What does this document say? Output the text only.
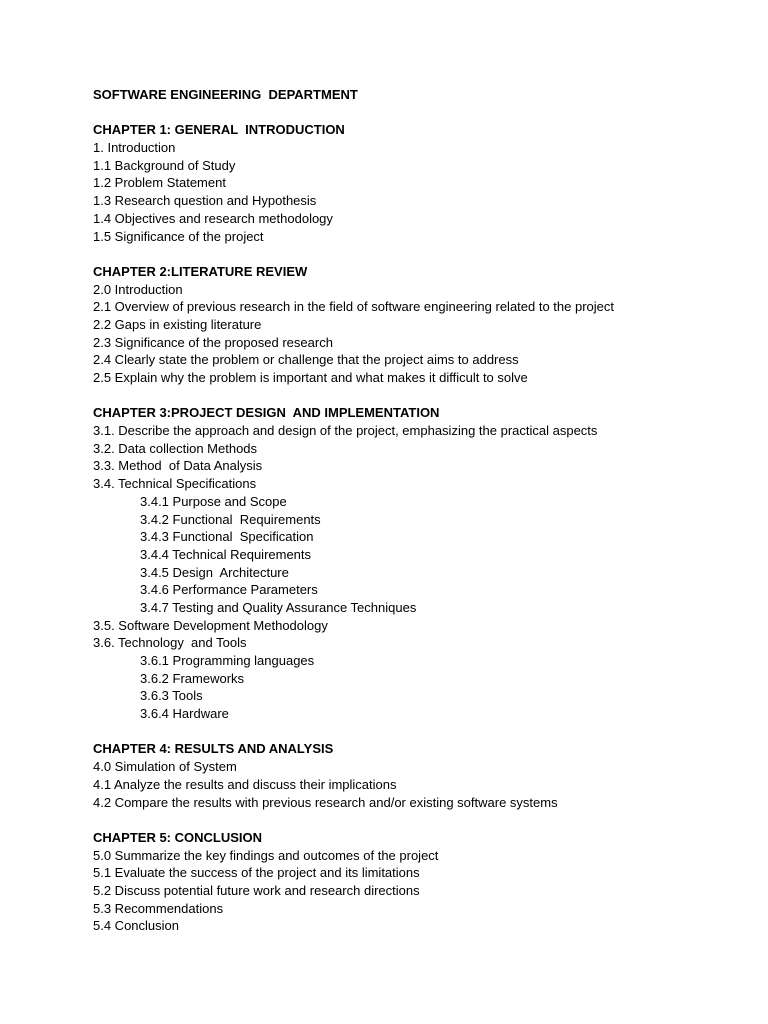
SOFTWARE ENGINEERING  DEPARTMENT
CHAPTER 1: GENERAL  INTRODUCTION
1. Introduction
1.1 Background of Study
1.2 Problem Statement
1.3 Research question and Hypothesis
1.4 Objectives and research methodology
1.5 Significance of the project
CHAPTER 2:LITERATURE REVIEW
2.0 Introduction
2.1 Overview of previous research in the field of software engineering related to the project
2.2 Gaps in existing literature
2.3 Significance of the proposed research
2.4 Clearly state the problem or challenge that the project aims to address
2.5 Explain why the problem is important and what makes it difficult to solve
CHAPTER 3:PROJECT DESIGN  AND IMPLEMENTATION
3.1. Describe the approach and design of the project, emphasizing the practical aspects
3.2. Data collection Methods
3.3. Method  of Data Analysis
3.4. Technical Specifications
3.4.1 Purpose and Scope
3.4.2 Functional  Requirements
3.4.3 Functional  Specification
3.4.4 Technical Requirements
3.4.5 Design  Architecture
3.4.6 Performance Parameters
3.4.7 Testing and Quality Assurance Techniques
3.5. Software Development Methodology
3.6. Technology  and Tools
3.6.1 Programming languages
3.6.2 Frameworks
3.6.3 Tools
3.6.4 Hardware
CHAPTER 4: RESULTS AND ANALYSIS
4.0 Simulation of System
4.1 Analyze the results and discuss their implications
4.2 Compare the results with previous research and/or existing software systems
CHAPTER 5: CONCLUSION
5.0 Summarize the key findings and outcomes of the project
5.1 Evaluate the success of the project and its limitations
5.2 Discuss potential future work and research directions
5.3 Recommendations
5.4 Conclusion
